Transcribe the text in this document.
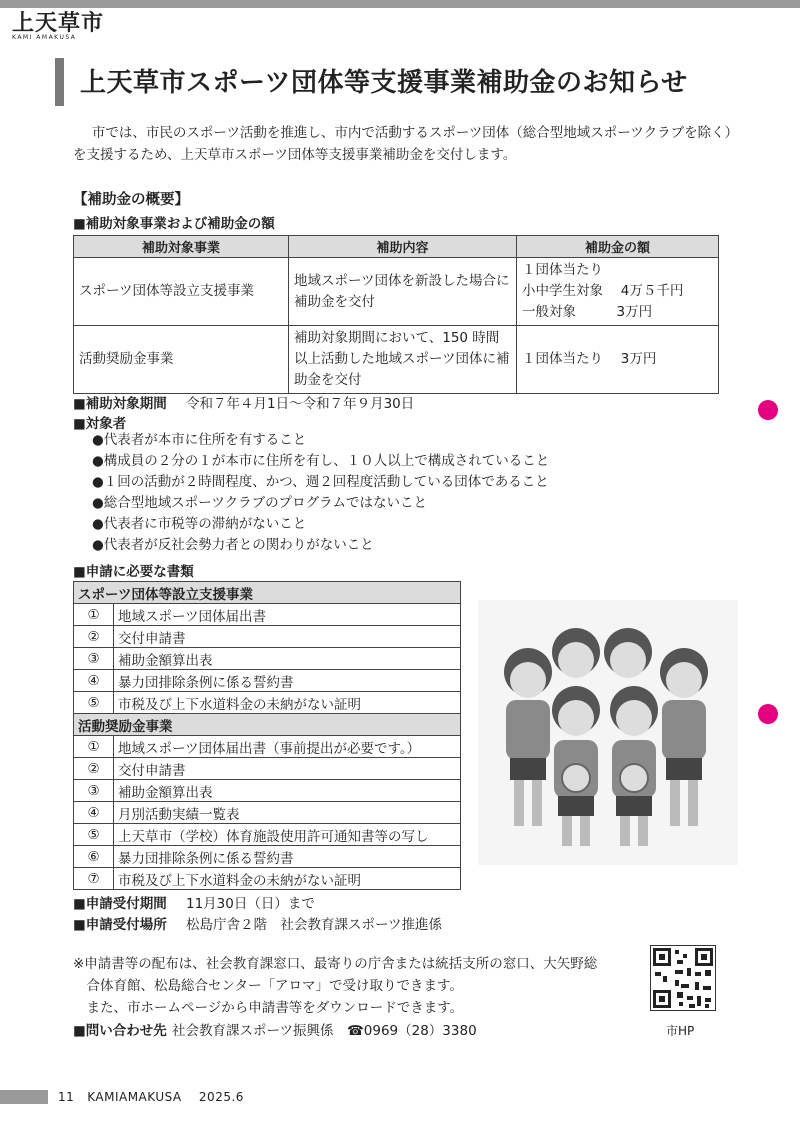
上天草市
KAMI AMAKUSA
上天草市スポーツ団体等支援事業補助金のお知らせ

市では、市民のスポーツ活動を推進し、市内で活動するスポーツ団体（総合型地域スポーツクラブを除く）を支援するため、上天草市スポーツ団体等支援事業補助金を交付します。

【補助金の概要】
■補助対象事業および補助金の額
補助対象事業	補助内容	補助金の額
スポーツ団体等設立支援事業	地域スポーツ団体を新設した場合に補助金を交付	１団体当たり
小中学生対象　 4万５千円
一般対象　　　3万円

活動奨励金事業	補助対象期間において、150 時間以上活動した地域スポーツ団体に補助金を交付	１団体当たり　 3万円
■補助対象期間 令和７年４月1日～令和７年９月30日
■対象者
●代表者が本市に住所を有すること
●構成員の２分の１が本市に住所を有し、１０人以上で構成されていること
●１回の活動が２時間程度、かつ、週２回程度活動している団体であること
●総合型地域スポーツクラブのプログラムではないこと
●代表者に市税等の滞納がないこと
●代表者が反社会勢力者との関わりがないこと
■申請に必要な書類
スポーツ団体等設立支援事業	
①	地域スポーツ団体届出書
②	交付申請書
③	補助金額算出表
④	暴力団排除条例に係る誓約書
⑤	市税及び上下水道料金の未納がない証明
活動奨励金事業	
①	地域スポーツ団体届出書（事前提出が必要です。）
②	交付申請書
③	補助金額算出表
④	月別活動実績一覧表
⑤	上天草市（学校）体育施設使用許可通知書等の写し
⑥	暴力団排除条例に係る誓約書
⑦	市税及び上下水道料金の未納がない証明
■申請受付期間 11月30日（日）まで
■申請受付場所 松島庁舎２階　社会教育課スポーツ推進係
※申請書等の配布は、社会教育課窓口、最寄りの庁舎または統括支所の窓口、大矢野総
　合体育館、松島総合センター「アロマ」で受け取りできます。
　また、市ホームページから申請書等をダウンロードできます。
■問い合わせ先 社会教育課スポーツ振興係　☎0969（28）3380	市HP
11 KAMIAMAKUSA 2025.6
